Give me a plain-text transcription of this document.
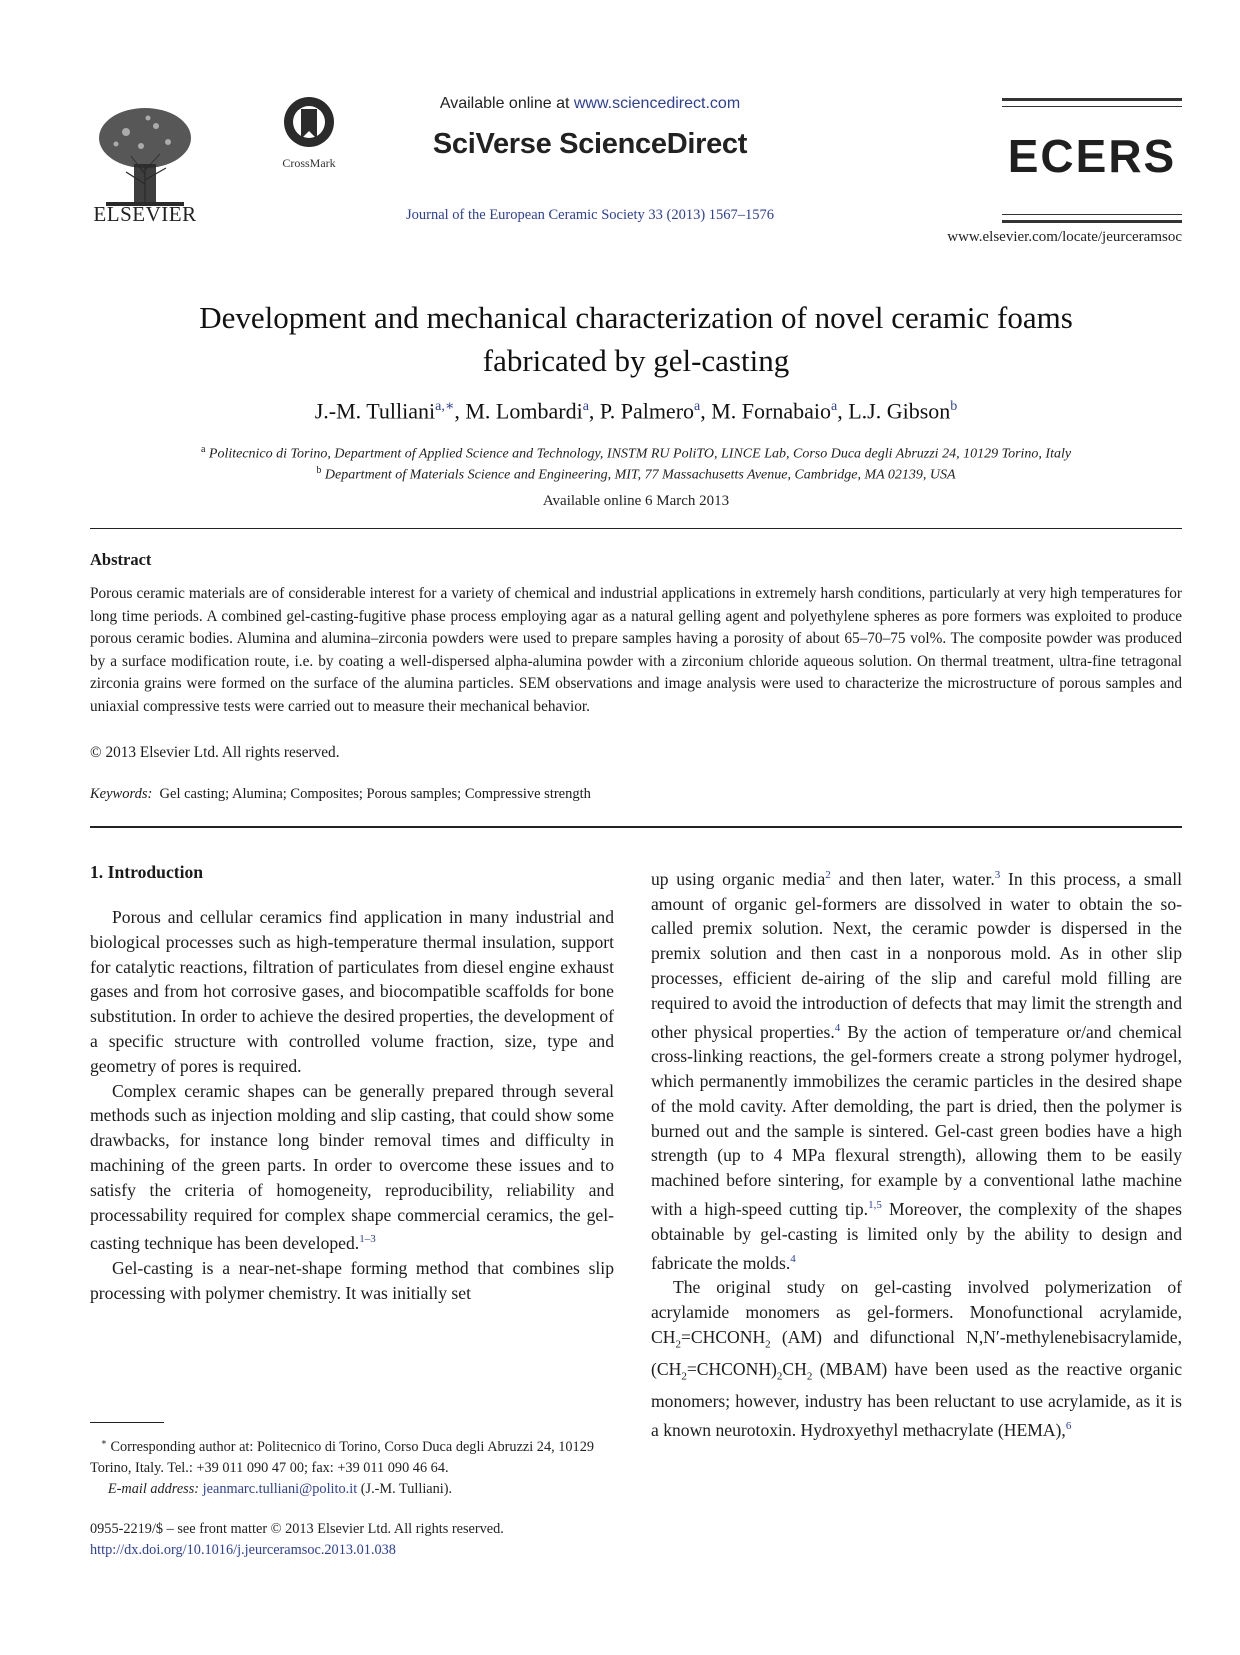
ELSEVIER
CrossMark
Available online at www.sciencedirect.com
SciVerse ScienceDirect
Journal of the European Ceramic Society 33 (2013) 1567–1576
ECERS
www.elsevier.com/locate/jeurceramsoc
Development and mechanical characterization of novel ceramic foams
fabricated by gel-casting
J.-M. Tulliani$^{a,∗}$, M. Lombardi$^a$, P. Palmero$^a$, M. Fornabaio$^a$, L.J. Gibson$^b$
$^a$ Politecnico di Torino, Department of Applied Science and Technology, INSTM RU PoliTO, LINCE Lab, Corso Duca degli Abruzzi 24, 10129 Torino, Italy
$^b$ Department of Materials Science and Engineering, MIT, 77 Massachusetts Avenue, Cambridge, MA 02139, USA
Available online 6 March 2013
Abstract
Porous ceramic materials are of considerable interest for a variety of chemical and industrial applications in extremely harsh conditions, particularly at very high temperatures for long time periods. A combined gel-casting-fugitive phase process employing agar as a natural gelling agent and polyethylene spheres as pore formers was exploited to produce porous ceramic bodies. Alumina and alumina–zirconia powders were used to prepare samples having a porosity of about 65–70–75 vol%. The composite powder was produced by a surface modification route, i.e. by coating a well-dispersed alpha-alumina powder with a zirconium chloride aqueous solution. On thermal treatment, ultra-fine tetragonal zirconia grains were formed on the surface of the alumina particles. SEM observations and image analysis were used to characterize the microstructure of porous samples and uniaxial compressive tests were carried out to measure their mechanical behavior.
© 2013 Elsevier Ltd. All rights reserved.
Keywords: Gel casting; Alumina; Composites; Porous samples; Compressive strength
1. Introduction

Porous and cellular ceramics find application in many industrial and biological processes such as high-temperature thermal insulation, support for catalytic reactions, filtration of particulates from diesel engine exhaust gases and from hot corrosive gases, and biocompatible scaffolds for bone substitution. In order to achieve the desired properties, the development of a specific structure with controlled volume fraction, size, type and geometry of pores is required.

Complex ceramic shapes can be generally prepared through several methods such as injection molding and slip casting, that could show some drawbacks, for instance long binder removal times and difficulty in machining of the green parts. In order to overcome these issues and to satisfy the criteria of homogeneity, reproducibility, reliability and processability required for complex shape commercial ceramics, the gel-casting technique has been developed.$^{1-3}$

Gel-casting is a near-net-shape forming method that combines slip processing with polymer chemistry. It was initially set

up using organic media$^2$ and then later, water.$^3$ In this process, a small amount of organic gel-formers are dissolved in water to obtain the so-called premix solution. Next, the ceramic powder is dispersed in the premix solution and then cast in a nonporous mold. As in other slip processes, efficient de-airing of the slip and careful mold filling are required to avoid the introduction of defects that may limit the strength and other physical properties.$^4$ By the action of temperature or/and chemical cross-linking reactions, the gel-formers create a strong polymer hydrogel, which permanently immobilizes the ceramic particles in the desired shape of the mold cavity. After demolding, the part is dried, then the polymer is burned out and the sample is sintered. Gel-cast green bodies have a high strength (up to 4 MPa flexural strength), allowing them to be easily machined before sintering, for example by a conventional lathe machine with a high-speed cutting tip.$^{1,5}$ Moreover, the complexity of the shapes obtainable by gel-casting is limited only by the ability to design and fabricate the molds.$^4$

The original study on gel-casting involved polymerization of acrylamide monomers as gel-formers. Monofunctional acrylamide, $CH_2=CHCONH_2$ (AM) and difunctional N,N′-methylenebisacrylamide, $(CH_2=CHCONH)_2CH_2$ (MBAM) have been used as the reactive organic monomers; however, industry has been reluctant to use acrylamide, as it is a known neurotoxin. Hydroxyethyl methacrylate (HEMA),$^6$

∗ Corresponding author at: Politecnico di Torino, Corso Duca degli Abruzzi 24, 10129 Torino, Italy. Tel.: +39 011 090 47 00; fax: +39 011 090 46 64.
E-mail address: jeanmarc.tulliani@polito.it (J.-M. Tulliani).
0955-2219/$ – see front matter © 2013 Elsevier Ltd. All rights reserved.
http://dx.doi.org/10.1016/j.jeurceramsoc.2013.01.038
